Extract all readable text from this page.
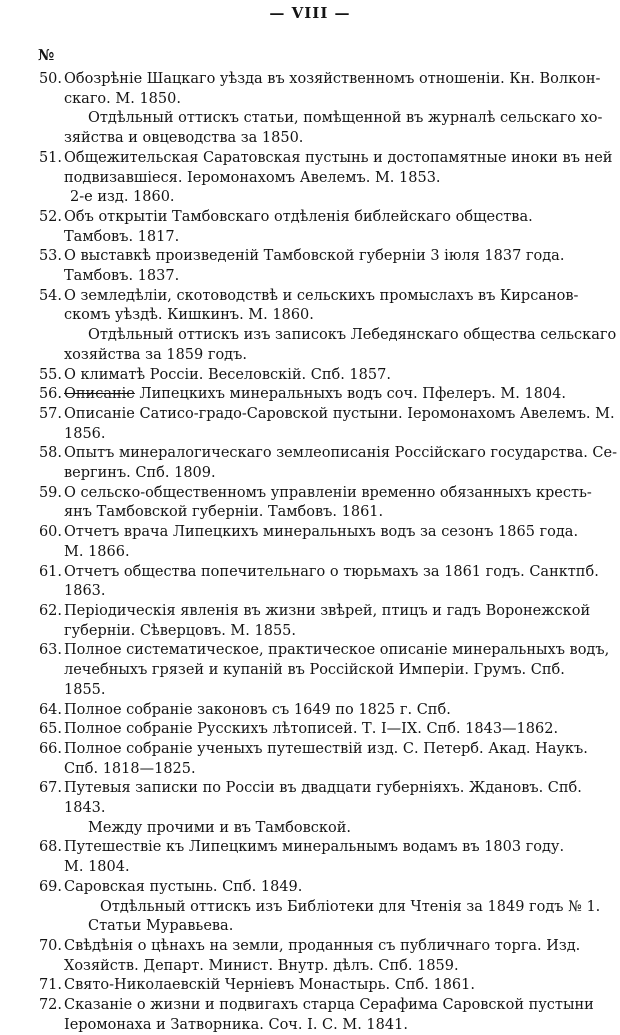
— VIII —
№
50. Обозрѣніе Шацкаго уѣзда въ хозяйственномъ отношеніи. Кн. Волкон-
скаго. М. 1850.
Отдѣльный оттискъ статьи, помѣщенной въ журналѣ сельскаго хо-
зяйства и овцеводства за 1850.
51. Общежительская Саратовская пустынь и достопамятные иноки въ ней
подвизавшіеся. Іеромонахомъ Авелемъ. М. 1853.
2-е изд. 1860.
52. Объ открытіи Тамбовскаго отдѣленія библейскаго общества.
Тамбовъ. 1817.
53. О выставкѣ произведеній Тамбовской губерніи 3 іюля 1837 года.
Тамбовъ. 1837.
54. О земледѣліи, скотоводствѣ и сельскихъ промыслахъ въ Кирсанов-
скомъ уѣздѣ. Кишкинъ. М. 1860.
Отдѣльный оттискъ изъ записокъ Лебедянскаго общества сельскаго
хозяйства за 1859 годъ.
55. О климатѣ Россіи. Веселовскій. Спб. 1857.
56. Описаніе Липецкихъ минеральныхъ водъ соч. Пфелеръ. М. 1804.
57. Описаніе Сатисо-градо-Саровской пустыни. Іеромонахомъ Авелемъ. М.
1856.
58. Опытъ минералогическаго землеописанія Россійскаго государства. Се-
вергинъ. Спб. 1809.
59. О сельско-общественномъ управленіи временно обязанныхъ кресть-
янъ Тамбовской губерніи. Тамбовъ. 1861.
60. Отчетъ врача Липецкихъ минеральныхъ водъ за сезонъ 1865 года.
М. 1866.
61. Отчетъ общества попечительнаго о тюрьмахъ за 1861 годъ. Санктпб.
1863.
62. Періодическія явленія въ жизни звѣрей, птицъ и гадъ Воронежской
губерніи. Сѣверцовъ. М. 1855.
63. Полное систематическое, практическое описаніе минеральныхъ водъ,
лечебныхъ грязей и купаній въ Россійской Имперіи. Грумъ. Спб.
1855.
64. Полное собраніе законовъ съ 1649 по 1825 г. Спб.
65. Полное собраніе Русскихъ лѣтописей. Т. I—IX. Спб. 1843—1862.
66. Полное собраніе ученыхъ путешествій изд. С. Петерб. Акад. Наукъ.
Спб. 1818—1825.
67. Путевыя записки по Россіи въ двадцати губерніяхъ. Ждановъ. Спб.
1843.
Между прочими и въ Тамбовской.
68. Путешествіе къ Липецкимъ минеральнымъ водамъ въ 1803 году.
М. 1804.
69. Саровская пустынь. Спб. 1849.
Отдѣльный оттискъ изъ Библіотеки для Чтенія за 1849 годъ № 1.
Статьи Муравьева.
70. Свѣдѣнія о цѣнахъ на земли, проданныя съ публичнаго торга. Изд.
Хозяйств. Департ. Минист. Внутр. дѣлъ. Спб. 1859.
71. Свято-Николаевскій Черніевъ Монастырь. Спб. 1861.
72. Сказаніе о жизни и подвигахъ старца Серафима Саровской пустыни
Іеромонаха и Затворника. Соч. I. С. М. 1841.
